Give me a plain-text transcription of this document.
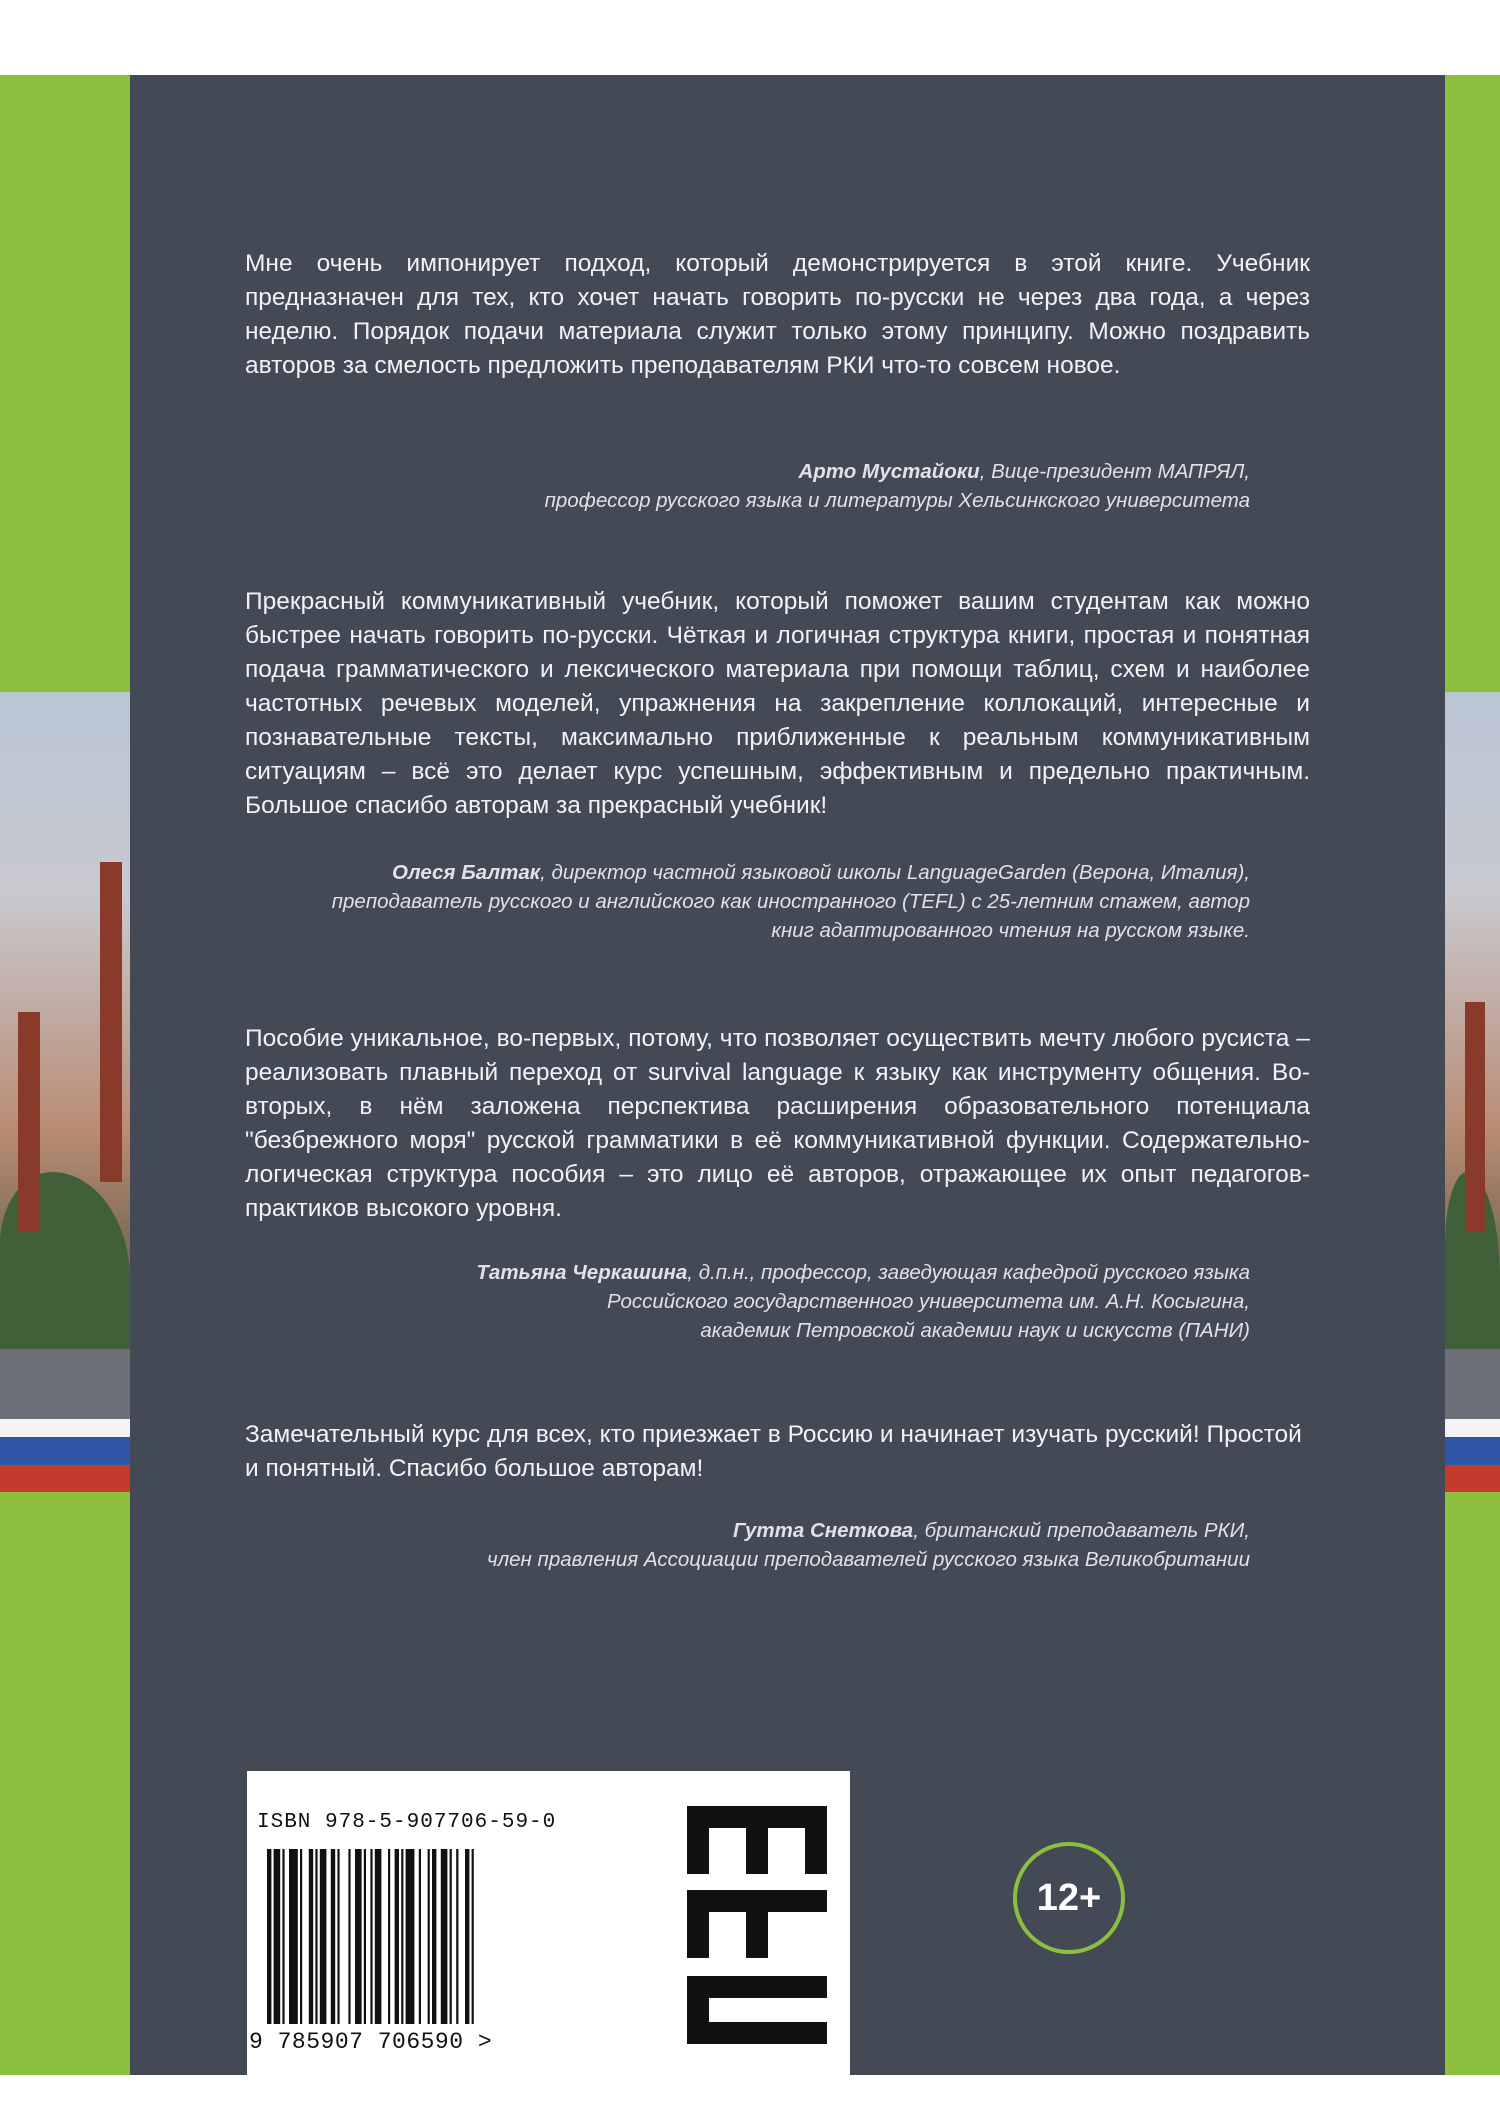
Мне очень импонирует подход, который демонстрируется в этой книге. Учебник предназначен для тех, кто хочет начать говорить по-русски не через два года, а через неделю. Порядок подачи материала служит только этому принципу. Можно поздравить авторов за смелость предложить преподавателям РКИ что-то совсем новое.

Арто Мустайоки, Вице-президент МАПРЯЛ,
профессор русского языка и литературы Хельсинкского университета

Прекрасный коммуникативный учебник, который поможет вашим студентам как можно быстрее начать говорить по-русски. Чёткая и логичная структура книги, простая и понятная подача грамматического и лексического материала при помощи таблиц, схем и наиболее частотных речевых моделей, упражнения на закрепление коллокаций, интересные и познавательные тексты, максимально приближенные к реальным коммуникативным ситуациям – всё это делает курс успешным, эффективным и предельно практичным. Большое спасибо авторам за прекрасный учебник!

Олеся Балтак, директор частной языковой школы LanguageGarden (Верона, Италия),
преподаватель русского и английского как иностранного (TEFL) с 25-летним стажем, автор
книг адаптированного чтения на русском языке.

Пособие уникальное, во-первых, потому, что позволяет осуществить мечту любого русиста – реализовать плавный переход от survival language к языку как инструменту общения. Во-вторых, в нём заложена перспектива расширения образовательного потенциала "безбрежного моря" русской грамматики в её коммуникативной функции. Содержательно-логическая структура пособия – это лицо её авторов, отражающее их опыт педагогов-практиков высокого уровня.

Татьяна Черкашина, д.п.н., профессор, заведующая кафедрой русского языка
Российского государственного университета им. А.Н. Косыгина,
академик Петровской академии наук и искусств (ПАНИ)

Замечательный курс для всех, кто приезжает в Россию и начинает изучать русский! Простой и понятный. Спасибо большое авторам!

Гутта Снеткова, британский преподаватель РКИ,
член правления Ассоциации преподавателей русского языка Великобритании
ISBN 978-5-907706-59-0
9 785907 706590 >
12+
